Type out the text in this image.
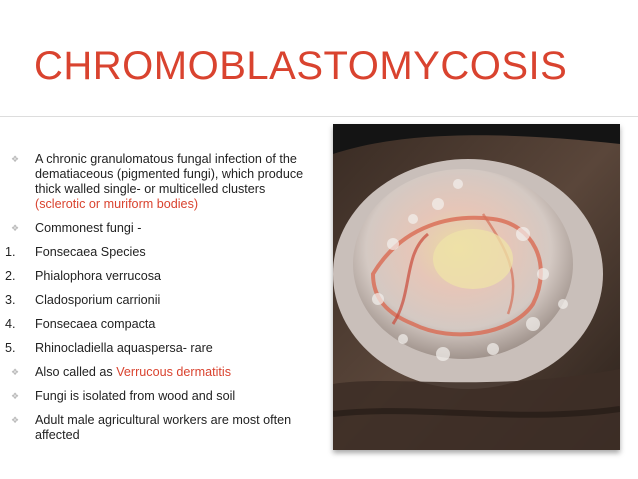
CHROMOBLASTOMYCOSIS
❖	A chronic granulomatous fungal infection of the dematiaceous (pigmented fungi), which produce thick walled single- or multicelled clusters
(sclerotic or muriform bodies)
❖	Commonest fungi -
1. Fonsecaea Species
2. Phialophora verrucosa
3. Cladosporium carrionii
4. Fonsecaea compacta
5. Rhinocladiella aquaspersa- rare
❖	Also called as Verrucous dermatitis
❖	Fungi is isolated from wood and soil
❖	Adult male agricultural workers are most often affected
